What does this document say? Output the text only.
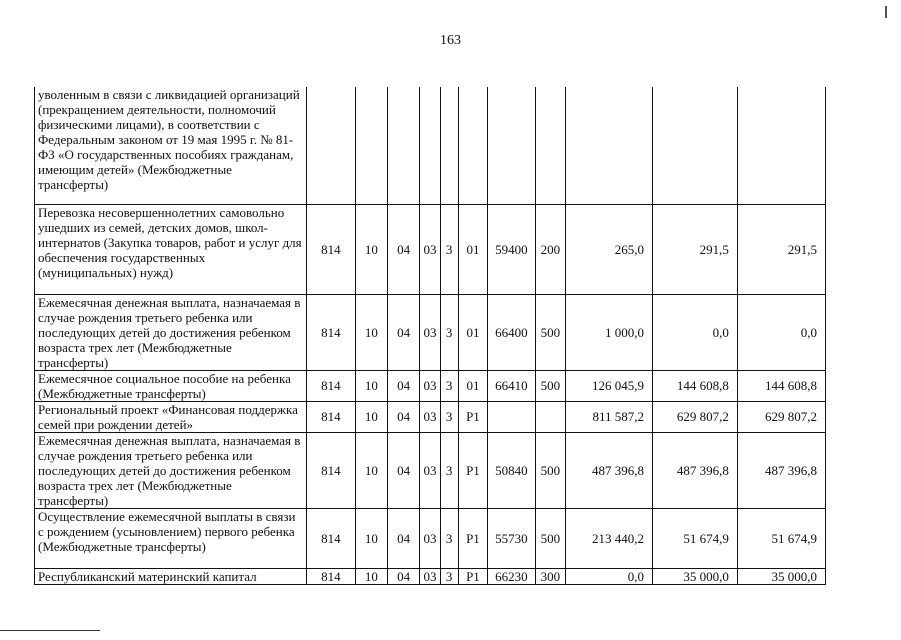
163
уволенным в связи с ликвидацией организаций (прекращением деятельности, полномочий физическими лицами), в соответствии с Федеральным законом от 19 мая 1995 г. № 81-ФЗ «О государственных пособиях гражданам, имеющим детей» (Межбюджетные трансферты)											
Перевозка несовершеннолетних самовольно ушедших из семей, детских домов, школ-интернатов (Закупка товаров, работ и услуг для обеспечения государственных (муниципальных) нужд)	814	10	04	03	3	01	59400	200	265,0	291,5	291,5
Ежемесячная денежная выплата, назначаемая в случае рождения третьего ребенка или последующих детей до достижения ребенком возраста трех лет (Межбюджетные трансферты)	814	10	04	03	3	01	66400	500	1 000,0	0,0	0,0
Ежемесячное социальное пособие на ребенка (Межбюджетные трансферты)	814	10	04	03	3	01	66410	500	126 045,9	144 608,8	144 608,8
Региональный проект «Финансовая поддержка семей при рождении детей»	814	10	04	03	3	P1			811 587,2	629 807,2	629 807,2
Ежемесячная денежная выплата, назначаемая в случае рождения третьего ребенка или последующих детей до достижения ребенком возраста трех лет (Межбюджетные трансферты)	814	10	04	03	3	P1	50840	500	487 396,8	487 396,8	487 396,8
Осуществление ежемесячной выплаты в связи с рождением (усыновлением) первого ребенка (Межбюджетные трансферты)	814	10	04	03	3	P1	55730	500	213 440,2	51 674,9	51 674,9
Республиканский материнский капитал	814	10	04	03	3	P1	66230	300	0,0	35 000,0	35 000,0
